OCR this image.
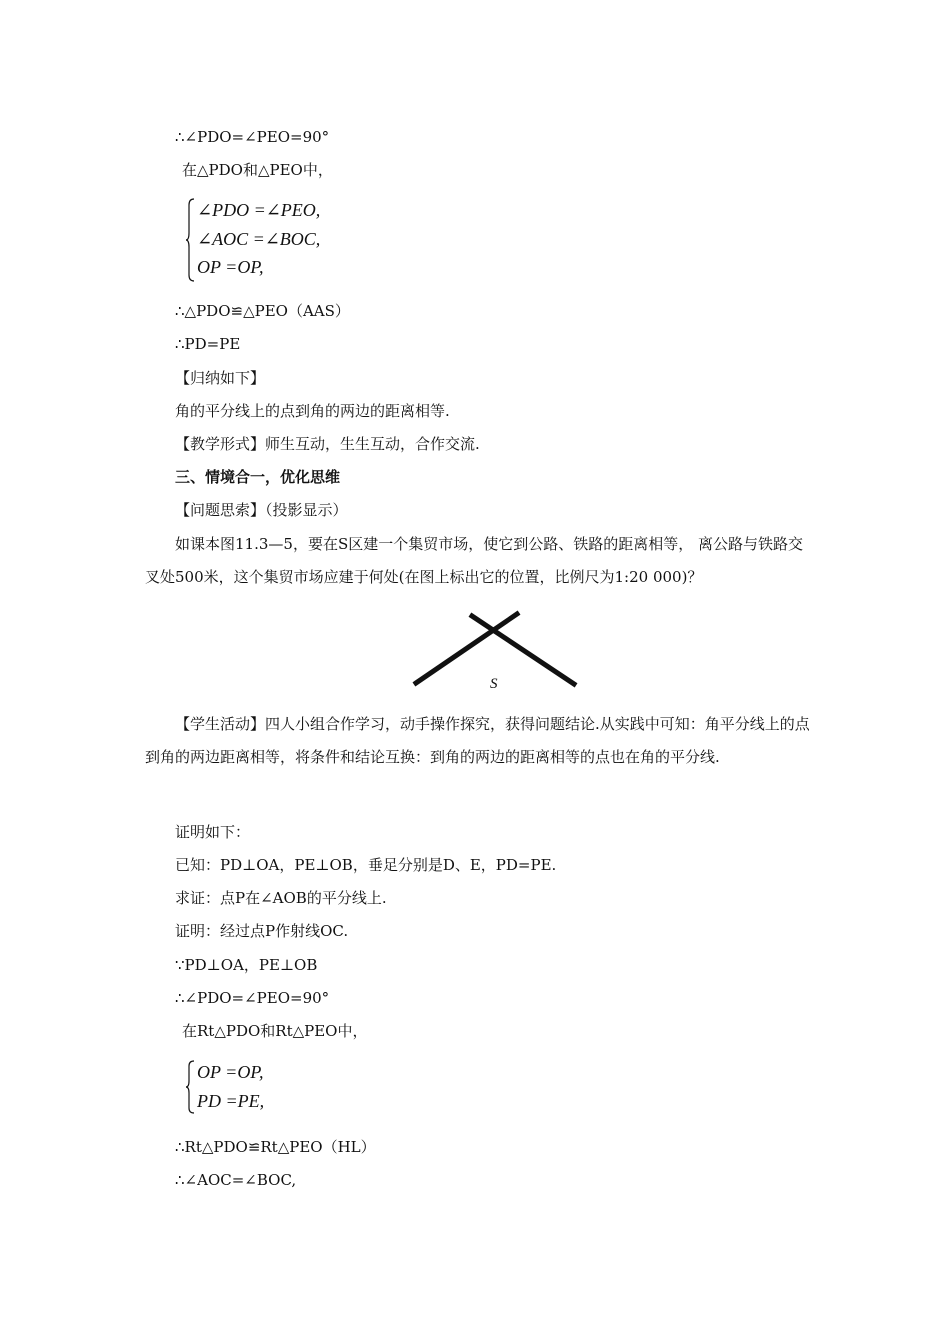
∴∠PDO=∠PEO=90°
在△PDO和△PEO中，
∠PDO =∠PEO,
∠AOC =∠BOC,
OP =OP,
∴△PDO≌△PEO（AAS）
∴PD=PE
【归纳如下】
角的平分线上的点到角的两边的距离相等.
【教学形式】师生互动，生生互动，合作交流.
三、情境合一，优化思维
【问题思索】（投影显示）
如课本图11.3—5，要在S区建一个集贸市场，使它到公路、铁路的距离相等， 离公路与铁路交叉处500米，这个集贸市场应建于何处(在图上标出它的位置，比例尺为1:20 000)？
S
【学生活动】四人小组合作学习，动手操作探究，获得问题结论.从实践中可知：角平分线上的点到角的两边距离相等，将条件和结论互换：到角的两边的距离相等的点也在角的平分线.
证明如下：
已知：PD⊥OA，PE⊥OB，垂足分别是D、E，PD=PE.
求证：点P在∠AOB的平分线上.
证明：经过点P作射线OC.
∵PD⊥OA，PE⊥OB
∴∠PDO=∠PEO=90°
在Rt△PDO和Rt△PEO中，
OP =OP,
PD =PE,
∴Rt△PDO≌Rt△PEO（HL）
∴∠AOC=∠BOC,
